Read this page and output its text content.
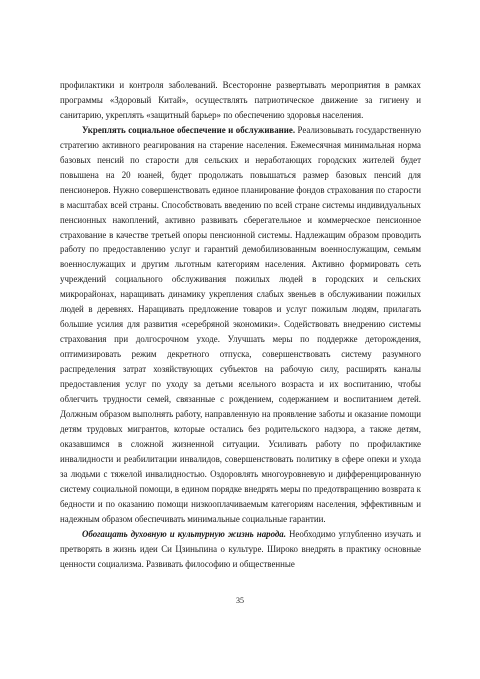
профилактики и контроля заболеваний. Всесторонне развертывать мероприятия в рамках программы «Здоровый Китай», осуществлять патриотическое движение за гигиену и санитарию, укреплять «защитный барьер» по обеспечению здоровья населения.

Укреплять социальное обеспечение и обслуживание. Реализовывать государственную стратегию активного реагирования на старение населения. Ежемесячная минимальная норма базовых пенсий по старости для сельских и неработающих городских жителей будет повышена на 20 юаней, будет продолжать повышаться размер базовых пенсий для пенсионеров. Нужно совершенствовать единое планирование фондов страхования по старости в масштабах всей страны. Способствовать введению по всей стране системы индивидуальных пенсионных накоплений, активно развивать сберегательное и коммерческое пенсионное страхование в качестве третьей опоры пенсионной системы. Надлежащим образом проводить работу по предоставлению услуг и гарантий демобилизованным военнослужащим, семьям военнослужащих и другим льготным категориям населения. Активно формировать сеть учреждений социального обслуживания пожилых людей в городских и сельских микрорайонах, наращивать динамику укрепления слабых звеньев в обслуживании пожилых людей в деревнях. Наращивать предложение товаров и услуг пожилым людям, прилагать большие усилия для развития «серебряной экономики». Содействовать внедрению системы страхования при долгосрочном уходе. Улучшать меры по поддержке деторождения, оптимизировать режим декретного отпуска, совершенствовать систему разумного распределения затрат хозяйствующих субъектов на рабочую силу, расширять каналы предоставления услуг по уходу за детьми ясельного возраста и их воспитанию, чтобы облегчить трудности семей, связанные с рождением, содержанием и воспитанием детей. Должным образом выполнять работу, направленную на проявление заботы и оказание помощи детям трудовых мигрантов, которые остались без родительского надзора, а также детям, оказавшимся в сложной жизненной ситуации. Усиливать работу по профилактике инвалидности и реабилитации инвалидов, совершенствовать политику в сфере опеки и ухода за людьми с тяжелой инвалидностью. Оздоровлять многоуровневую и дифференцированную систему социальной помощи, в едином порядке внедрять меры по предотвращению возврата к бедности и по оказанию помощи низкооплачиваемым категориям населения, эффективным и надежным образом обеспечивать минимальные социальные гарантии.

Обогащать духовную и культурную жизнь народа. Необходимо углубленно изучать и претворять в жизнь идеи Си Цзиньпина о культуре. Широко внедрять в практику основные ценности социализма. Развивать философию и общественные

35
